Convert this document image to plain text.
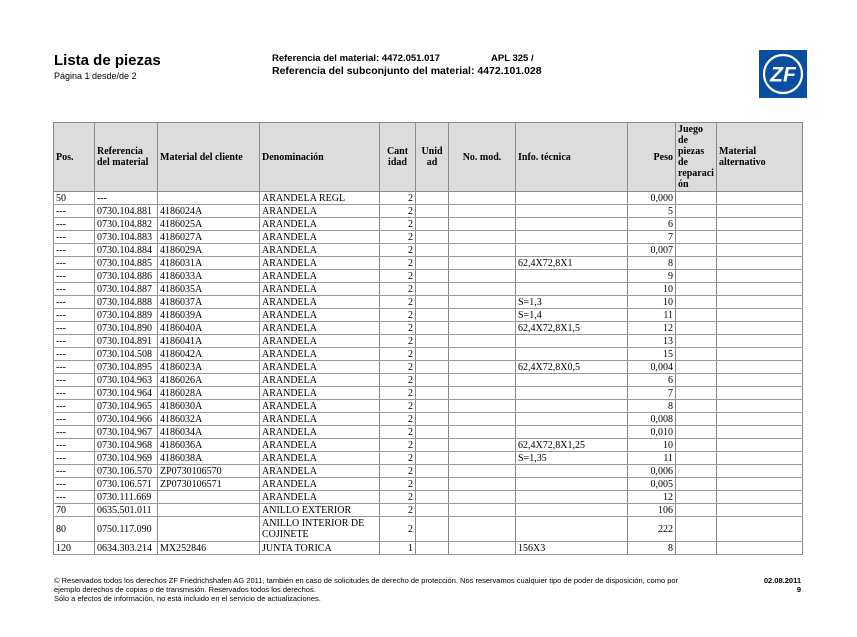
Lista de piezas
Página 1 desde/de 2
Referencia del material: 4472.051.017	APL 325 /
Referencia del subconjunto del material: 4472.101.028	ZF
Pos.	Referencia del material	Material del cliente	Denominación	Cant idad	Unid ad	No. mod.	Info. técnica	Peso	Juego de piezas de reparaci ón	Material alternativo
50	---		ARANDELA REGL	2				0,000		
---	0730.104.881	4186024A	ARANDELA	2				5		
---	0730.104.882	4186025A	ARANDELA	2				6		
---	0730.104.883	4186027A	ARANDELA	2				7		
---	0730.104.884	4186029A	ARANDELA	2				0,007		
---	0730.104.885	4186031A	ARANDELA	2			62,4X72,8X1	8		
---	0730.104.886	4186033A	ARANDELA	2				9		
---	0730.104.887	4186035A	ARANDELA	2				10		
---	0730.104.888	4186037A	ARANDELA	2			S=1,3	10		
---	0730.104.889	4186039A	ARANDELA	2			S=1,4	11		
---	0730.104.890	4186040A	ARANDELA	2			62,4X72,8X1,5	12		
---	0730.104.891	4186041A	ARANDELA	2				13		
---	0730.104.508	4186042A	ARANDELA	2				15		
---	0730.104.895	4186023A	ARANDELA	2			62,4X72,8X0,5	0,004		
---	0730.104.963	4186026A	ARANDELA	2				6		
---	0730.104.964	4186028A	ARANDELA	2				7		
---	0730.104.965	4186030A	ARANDELA	2				8		
---	0730.104.966	4186032A	ARANDELA	2				0,008		
---	0730.104.967	4186034A	ARANDELA	2				0,010		
---	0730.104.968	4186036A	ARANDELA	2			62,4X72,8X1,25	10		
---	0730.104.969	4186038A	ARANDELA	2			S=1,35	11		
---	0730.106.570	ZP0730106570	ARANDELA	2				0,006		
---	0730.106.571	ZP0730106571	ARANDELA	2				0,005		
---	0730.111.669		ARANDELA	2				12		
70	0635.501.011		ANILLO EXTERIOR	2				106		
80	0750.117.090		ANILLO INTERIOR DE COJINETE	2				222		
120	0634.303.214	MX252846	JUNTA TORICA	1			156X3	8		
© Reservados todos los derechos ZF Friedrichshafen AG 2011, también en caso de solicitudes de derecho de protección. Nos reservamos cualquier tipo de poder de disposición, como por
ejemplo derechos de copias o de transmisión. Reservados todos los derechos.
Sólo a efectos de información, no está incluido en el servicio de actualizaciones.
02.08.2011
9
